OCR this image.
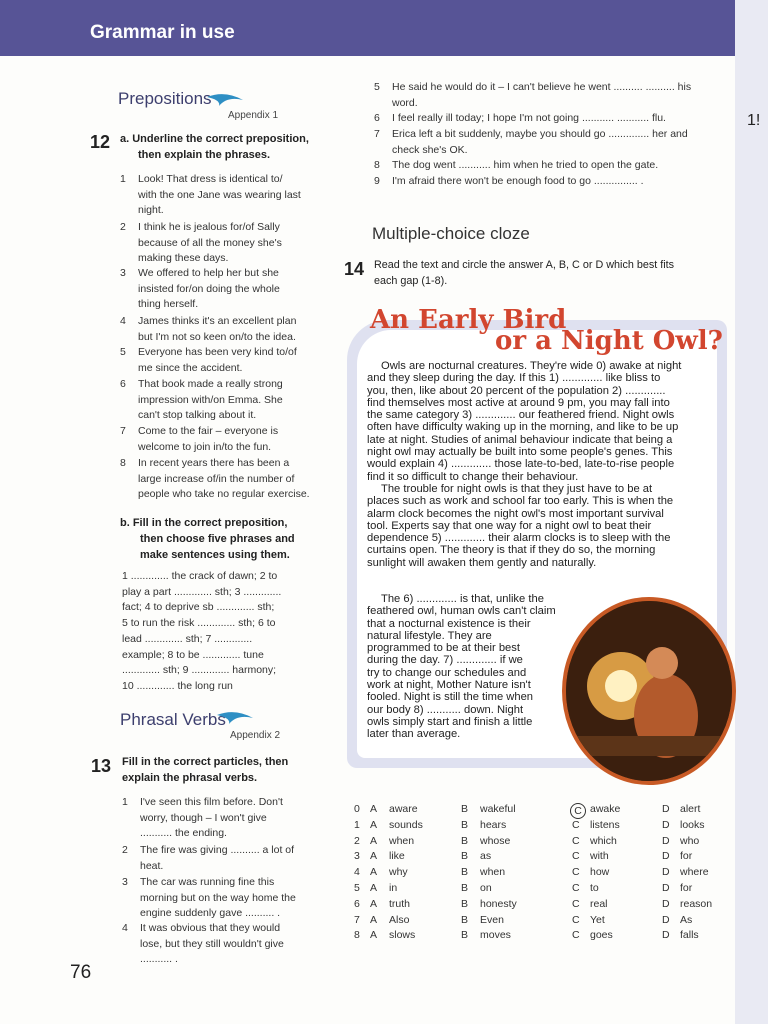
Grammar in use
1!
Prepositions
Appendix 1
12 a. Underline the correct preposition,
then explain the phrases.
1 Look! That dress is identical to/
with the one Jane was wearing last
night.
2 I think he is jealous for/of Sally
because of all the money she's
making these days.
3 We offered to help her but she
insisted for/on doing the whole
thing herself.
4 James thinks it's an excellent plan
but I'm not so keen on/to the idea.
5 Everyone has been very kind to/of
me since the accident.
6 That book made a really strong
impression with/on Emma. She
can't stop talking about it.
7 Come to the fair – everyone is
welcome to join in/to the fun.
8 In recent years there has been a
large increase of/in the number of
people who take no regular exercise.
b. Fill in the correct preposition,
then choose five phrases and
make sentences using them.
1 ............. the crack of dawn; 2 to
play a part ............. sth; 3 .............
fact; 4 to deprive sb ............. sth;
5 to run the risk ............. sth; 6 to
lead ............. sth; 7 .............
example; 8 to be ............. tune
............. sth; 9 ............. harmony;
10 ............. the long run
Phrasal Verbs
Appendix 2
13 Fill in the correct particles, then
explain the phrasal verbs.
1 I've seen this film before. Don't
worry, though – I won't give
........... the ending.
2 The fire was giving .......... a lot of
heat.
3 The car was running fine this
morning but on the way home the
engine suddenly gave .......... .
4 It was obvious that they would
lose, but they still wouldn't give
........... .
5 He said he would do it – I can't believe he went .......... .......... his
word.
6 I feel really ill today; I hope I'm not going ........... ........... flu.
7 Erica left a bit suddenly, maybe you should go .............. her and
check she's OK.
8 The dog went ........... him when he tried to open the gate.
9 I'm afraid there won't be enough food to go ............... .
Multiple-choice cloze
14 Read the text and circle the answer A, B, C or D which best fits
each gap (1-8).
An Early Bird
or a Night Owl?
Owls are nocturnal creatures. They're wide 0) awake at night
and they sleep during the day. If this 1) ............. like bliss to
you, then, like about 20 percent of the population 2) .............
find themselves most active at around 9 pm, you may fall into
the same category 3) ............. our feathered friend. Night owls
often have difficulty waking up in the morning, and like to be up
late at night. Studies of animal behaviour indicate that being a
night owl may actually be built into some people's genes. This
would explain 4) ............. those late-to-bed, late-to-rise people
find it so difficult to change their behaviour.
The trouble for night owls is that they just have to be at
places such as work and school far too early. This is when the
alarm clock becomes the night owl's most important survival
tool. Experts say that one way for a night owl to beat their
dependence 5) ............. their alarm clocks is to sleep with the
curtains open. The theory is that if they do so, the morning
sunlight will awaken them gently and naturally.
The 6) ............. is that, unlike the
feathered owl, human owls can't claim
that a nocturnal existence is their
natural lifestyle. They are
programmed to be at their best
during the day. 7) ............. if we
try to change our schedules and
work at night, Mother Nature isn't
fooled. Night is still the time when
our body 8) ........... down. Night
owls simply start and finish a little
later than average.
0 A aware	B wakeful	C awake	D alert
1 A sounds	B hears	C listens	D looks
2 A when	B whose	C which	D who
3 A like	B as	C with	D for
4 A why	B when	C how	D where
5 A in	B on	C to	D for
6 A truth	B honesty	C real	D reason
7 A Also	B Even	C Yet	D As
8 A slows	B moves	C goes	D falls
76
